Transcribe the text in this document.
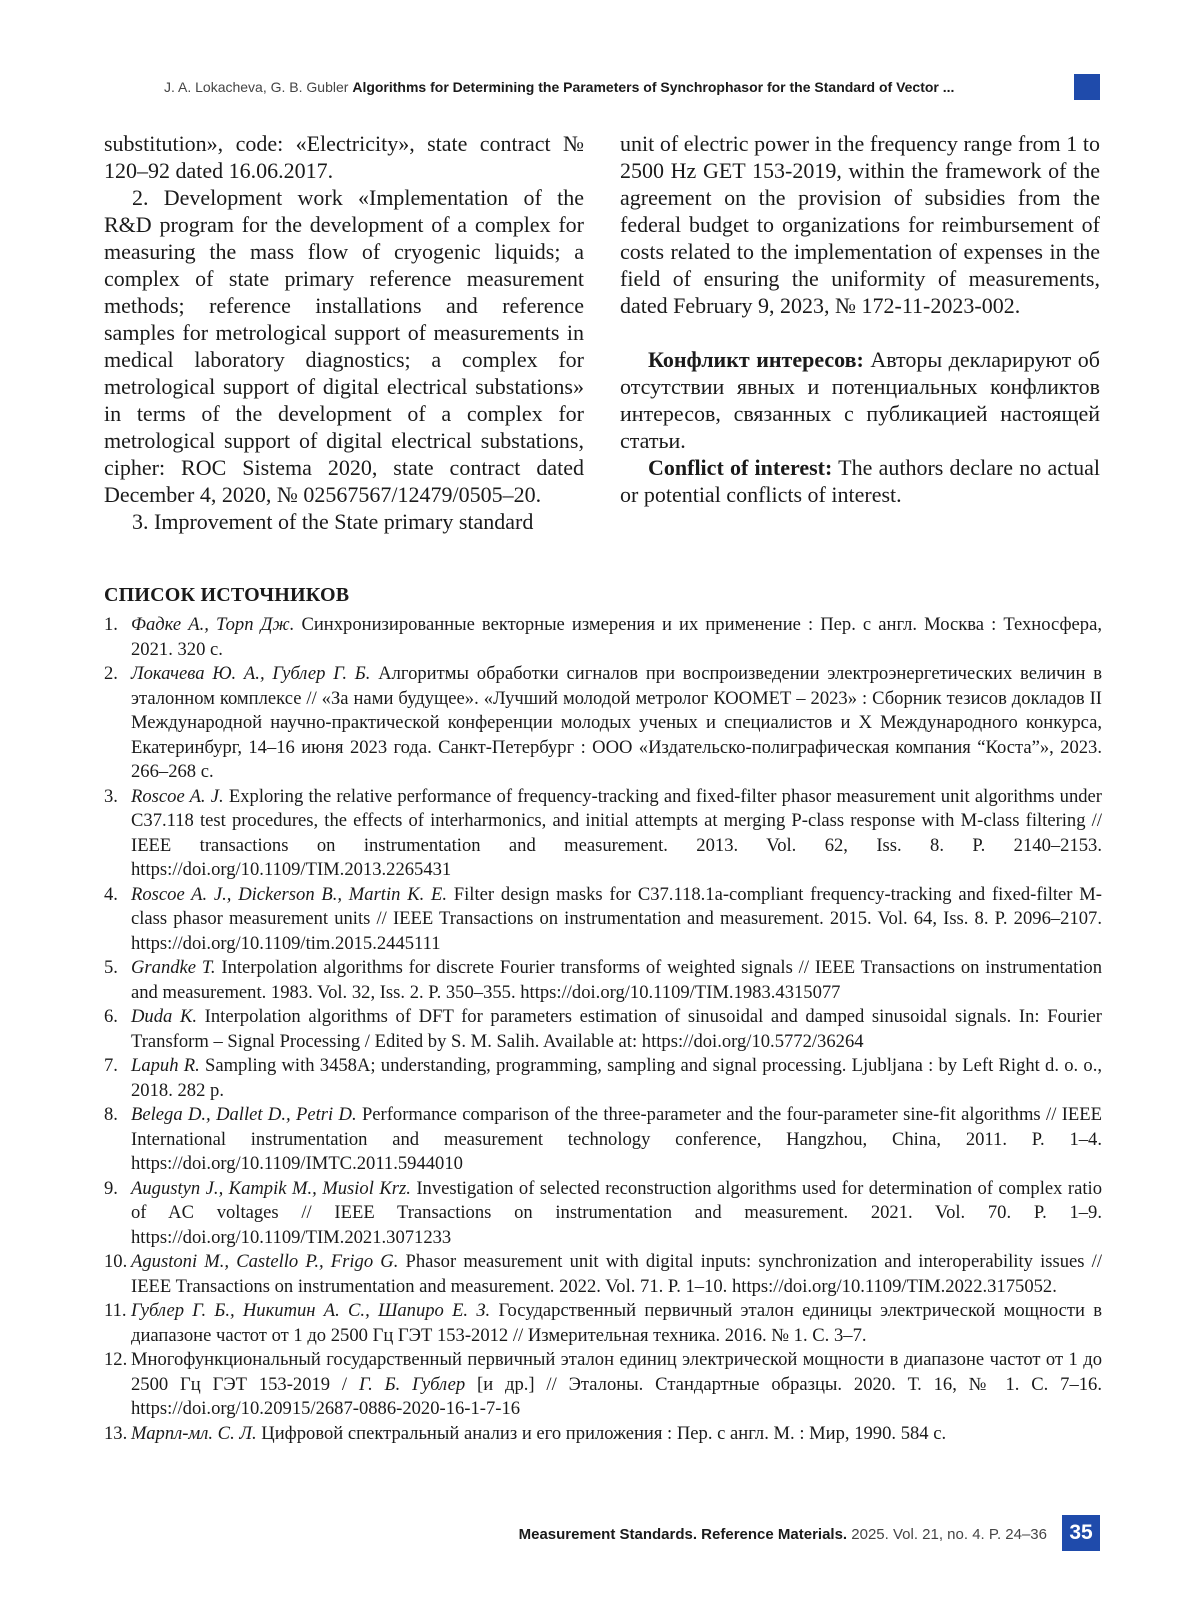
J. A. Lokacheva, G. B. Gubler Algorithms for Determining the Parameters of Synchrophasor for the Standard of Vector ...

substitution», code: «Electricity», state contract № 120–92 dated 16.06.2017.

2. Development work «Implementation of the R&D program for the development of a complex for measuring the mass flow of cryogenic liquids; a complex of state primary reference measurement methods; reference installations and reference samples for metrological support of measurements in medical laboratory diagnostics; a complex for metrological support of digital electrical substations» in terms of the development of a complex for metrological support of digital electrical substations, cipher: ROC Sistema 2020, state contract dated December 4, 2020, № 02567567/12479/0505–20.

3. Improvement of the State primary standard

unit of electric power in the frequency range from 1 to 2500 Hz GET 153-2019, within the framework of the agreement on the provision of subsidies from the federal budget to organizations for reimbursement of costs related to the implementation of expenses in the field of ensuring the uniformity of measurements, dated February 9, 2023, № 172-11-2023-002.

Конфликт интересов: Авторы декларируют об отсутствии явных и потенциальных конфликтов интересов, связанных с публикацией настоящей статьи.

Conflict of interest: The authors declare no actual or potential conflicts of interest.

СПИСОК ИСТОЧНИКОВ
1. Фадке А., Торп Дж. Синхронизированные векторные измерения и их применение : Пер. с англ. Москва : Техносфера, 2021. 320 с.
2. Локачева Ю. А., Гублер Г. Б. Алгоритмы обработки сигналов при воспроизведении электроэнергетических величин в эталонном комплексе // «За нами будущее». «Лучший молодой метролог КООМЕТ – 2023» : Сборник тезисов докладов II Международной научно-практической конференции молодых ученых и специалистов и X Международного конкурса, Екатеринбург, 14–16 июня 2023 года. Санкт-Петербург : ООО «Издательско-полиграфическая компания “Коста”», 2023. 266–268 с.
3. Roscoe A. J. Exploring the relative performance of frequency-tracking and fixed-filter phasor measurement unit algorithms under C37.118 test procedures, the effects of interharmonics, and initial attempts at merging P-class response with M-class filtering // IEEE transactions on instrumentation and measurement. 2013. Vol. 62, Iss. 8. P. 2140–2153. https://doi.org/10.1109/TIM.2013.2265431
4. Roscoe A. J., Dickerson B., Martin K. E. Filter design masks for C37.118.1a-compliant frequency-tracking and fixed-filter M-class phasor measurement units // IEEE Transactions on instrumentation and measurement. 2015. Vol. 64, Iss. 8. P. 2096–2107. https://doi.org/10.1109/tim.2015.2445111
5. Grandke T. Interpolation algorithms for discrete Fourier transforms of weighted signals // IEEE Transactions on instrumentation and measurement. 1983. Vol. 32, Iss. 2. P. 350–355. https://doi.org/10.1109/TIM.1983.4315077
6. Duda K. Interpolation algorithms of DFT for parameters estimation of sinusoidal and damped sinusoidal signals. In: Fourier Transform – Signal Processing / Edited by S. M. Salih. Available at: https://doi.org/10.5772/36264
7. Lapuh R. Sampling with 3458A; understanding, programming, sampling and signal processing. Ljubljana : by Left Right d. o. o., 2018. 282 p.
8. Belega D., Dallet D., Petri D. Performance comparison of the three-parameter and the four-parameter sine-fit algorithms // IEEE International instrumentation and measurement technology conference, Hangzhou, China, 2011. P. 1–4. https://doi.org/10.1109/IMTC.2011.5944010
9. Augustyn J., Kampik M., Musiol Krz. Investigation of selected reconstruction algorithms used for determination of complex ratio of AC voltages // IEEE Transactions on instrumentation and measurement. 2021. Vol. 70. P. 1–9. https://doi.org/10.1109/TIM.2021.3071233
10. Agustoni M., Castello P., Frigo G. Phasor measurement unit with digital inputs: synchronization and interoperability issues // IEEE Transactions on instrumentation and measurement. 2022. Vol. 71. P. 1–10. https://doi.org/10.1109/TIM.2022.3175052.
11. Гублер Г. Б., Никитин А. С., Шапиро Е. З. Государственный первичный эталон единицы электрической мощности в диапазоне частот от 1 до 2500 Гц ГЭТ 153-2012 // Измерительная техника. 2016. № 1. С. 3–7.
12. Многофункциональный государственный первичный эталон единиц электрической мощности в диапазоне частот от 1 до 2500 Гц ГЭТ 153-2019 / Г. Б. Гублер [и др.] // Эталоны. Стандартные образцы. 2020. Т. 16, № 1. С. 7–16. https://doi.org/10.20915/2687-0886-2020-16-1-7-16
13. Марпл-мл. С. Л. Цифровой спектральный анализ и его приложения : Пер. с англ. М. : Мир, 1990. 584 с.
Measurement Standards. Reference Materials. 2025. Vol. 21, no. 4. P. 24–36	35
